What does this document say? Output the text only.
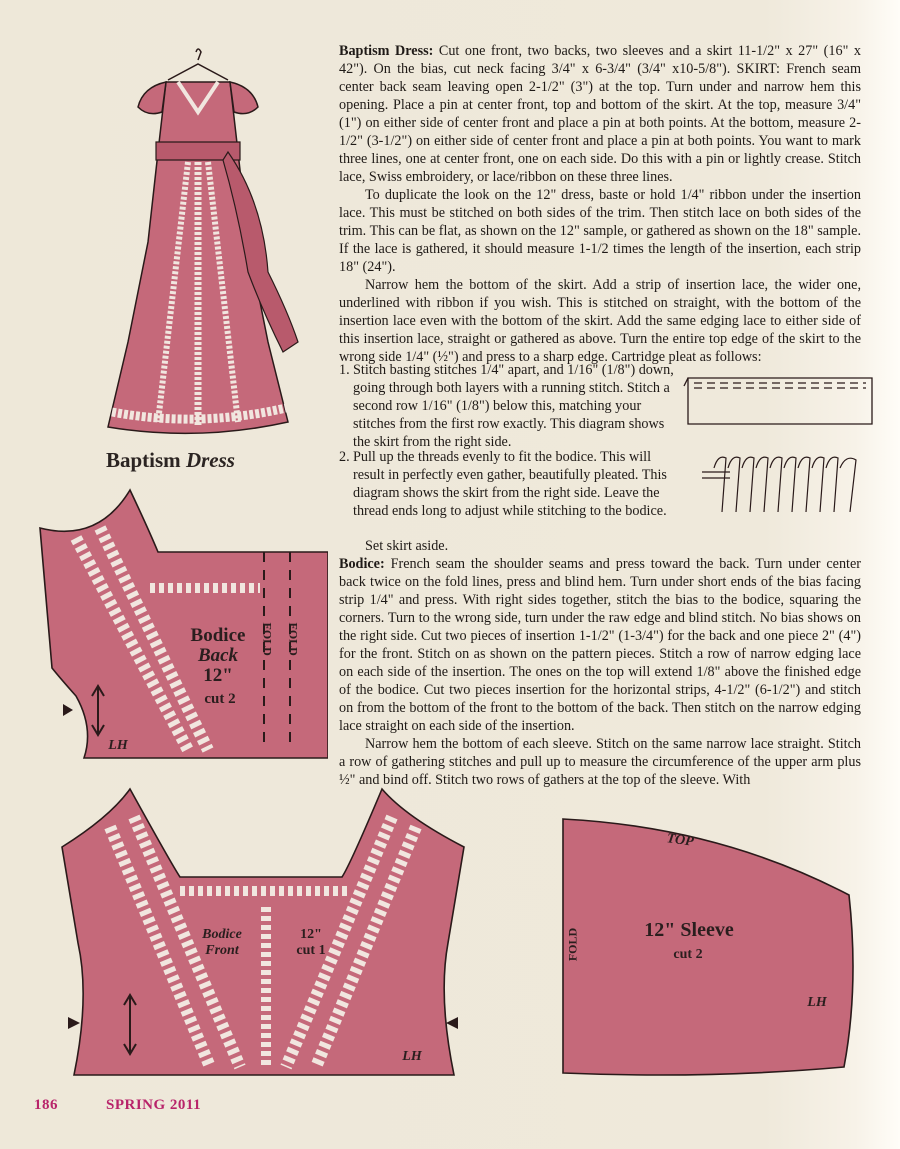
Baptism Dress

Baptism Dress: Cut one front, two backs, two sleeves and a skirt 11-1/2" x 27" (16" x 42"). On the bias, cut neck facing 3/4" x 6-3/4" (3/4" x10-5/8"). SKIRT: French seam center back seam leaving open 2-1/2" (3") at the top. Turn under and narrow hem this opening. Place a pin at center front, top and bottom of the skirt. At the top, measure 3/4" (1") on either side of center front and place a pin at both points. At the bottom, measure 2-1/2" (3-1/2") on either side of center front and place a pin at both points. You want to mark three lines, one at center front, one on each side. Do this with a pin or lightly crease. Stitch lace, Swiss embroidery, or lace/ribbon on these three lines.

To duplicate the look on the 12" dress, baste or hold 1/4" ribbon under the insertion lace. This must be stitched on both sides of the trim. Then stitch lace on both sides of the trim. This can be flat, as shown on the 12" sample, or gathered as shown on the 18" sample. If the lace is gathered, it should measure 1-1/2 times the length of the insertion, each strip 18" (24").

Narrow hem the bottom of the skirt. Add a strip of insertion lace, the wider one, underlined with ribbon if you wish. This is stitched on straight, with the bottom of the insertion lace even with the bottom of the skirt. Add the same edging lace to either side of this insertion lace, straight or gathered as above. Turn the entire top edge of the skirt to the wrong side 1/4" (½") and press to a sharp edge. Cartridge pleat as follows:

1. Stitch basting stitches 1/4" apart, and 1/16" (1/8") down, going through both layers with a running stitch. Stitch a second row 1/16" (1/8") below this, matching your stitches from the first row exactly. This diagram shows the skirt from the right side.
2. Pull up the threads evenly to fit the bodice. This will result in perfectly even gather, beautifully pleated. This diagram shows the skirt from the right side. Leave the thread ends long to adjust while stitching to the bodice.
Set skirt aside.

Bodice: French seam the shoulder seams and press toward the back. Turn under center back twice on the fold lines, press and blind hem. Turn under short ends of the bias facing strip 1/4" and press. With right sides together, stitch the bias to the bodice, squaring the corners. Turn to the wrong side, turn under the raw edge and blind stitch. No bias shows on the right side. Cut two pieces of insertion 1-1/2" (1-3/4") for the back and one piece 2" (4") for the front. Stitch on as shown on the pattern pieces. Stitch a row of narrow edging lace on each side of the insertion. The ones on the top will extend 1/8" above the finished edge of the bodice. Cut two pieces insertion for the horizontal strips, 4-1/2" (6-1/2") and stitch on from the bottom of the front to the bottom of the back. Then stitch on the narrow edging lace straight on each side of the insertion.

Narrow hem the bottom of each sleeve. Stitch on the same narrow lace straight. Stitch a row of gathering stitches and pull up to measure the circumference of the upper arm plus ½" and bind off. Stitch two rows of gathers at the top of the sleeve. With

Bodice
Back
12"
cut 2
FOLD FOLD
LH
Bodice
Front
12"
cut 1
LH
TOP
FOLD	12" Sleeve
cut 2
LH
186	SPRING 2011
